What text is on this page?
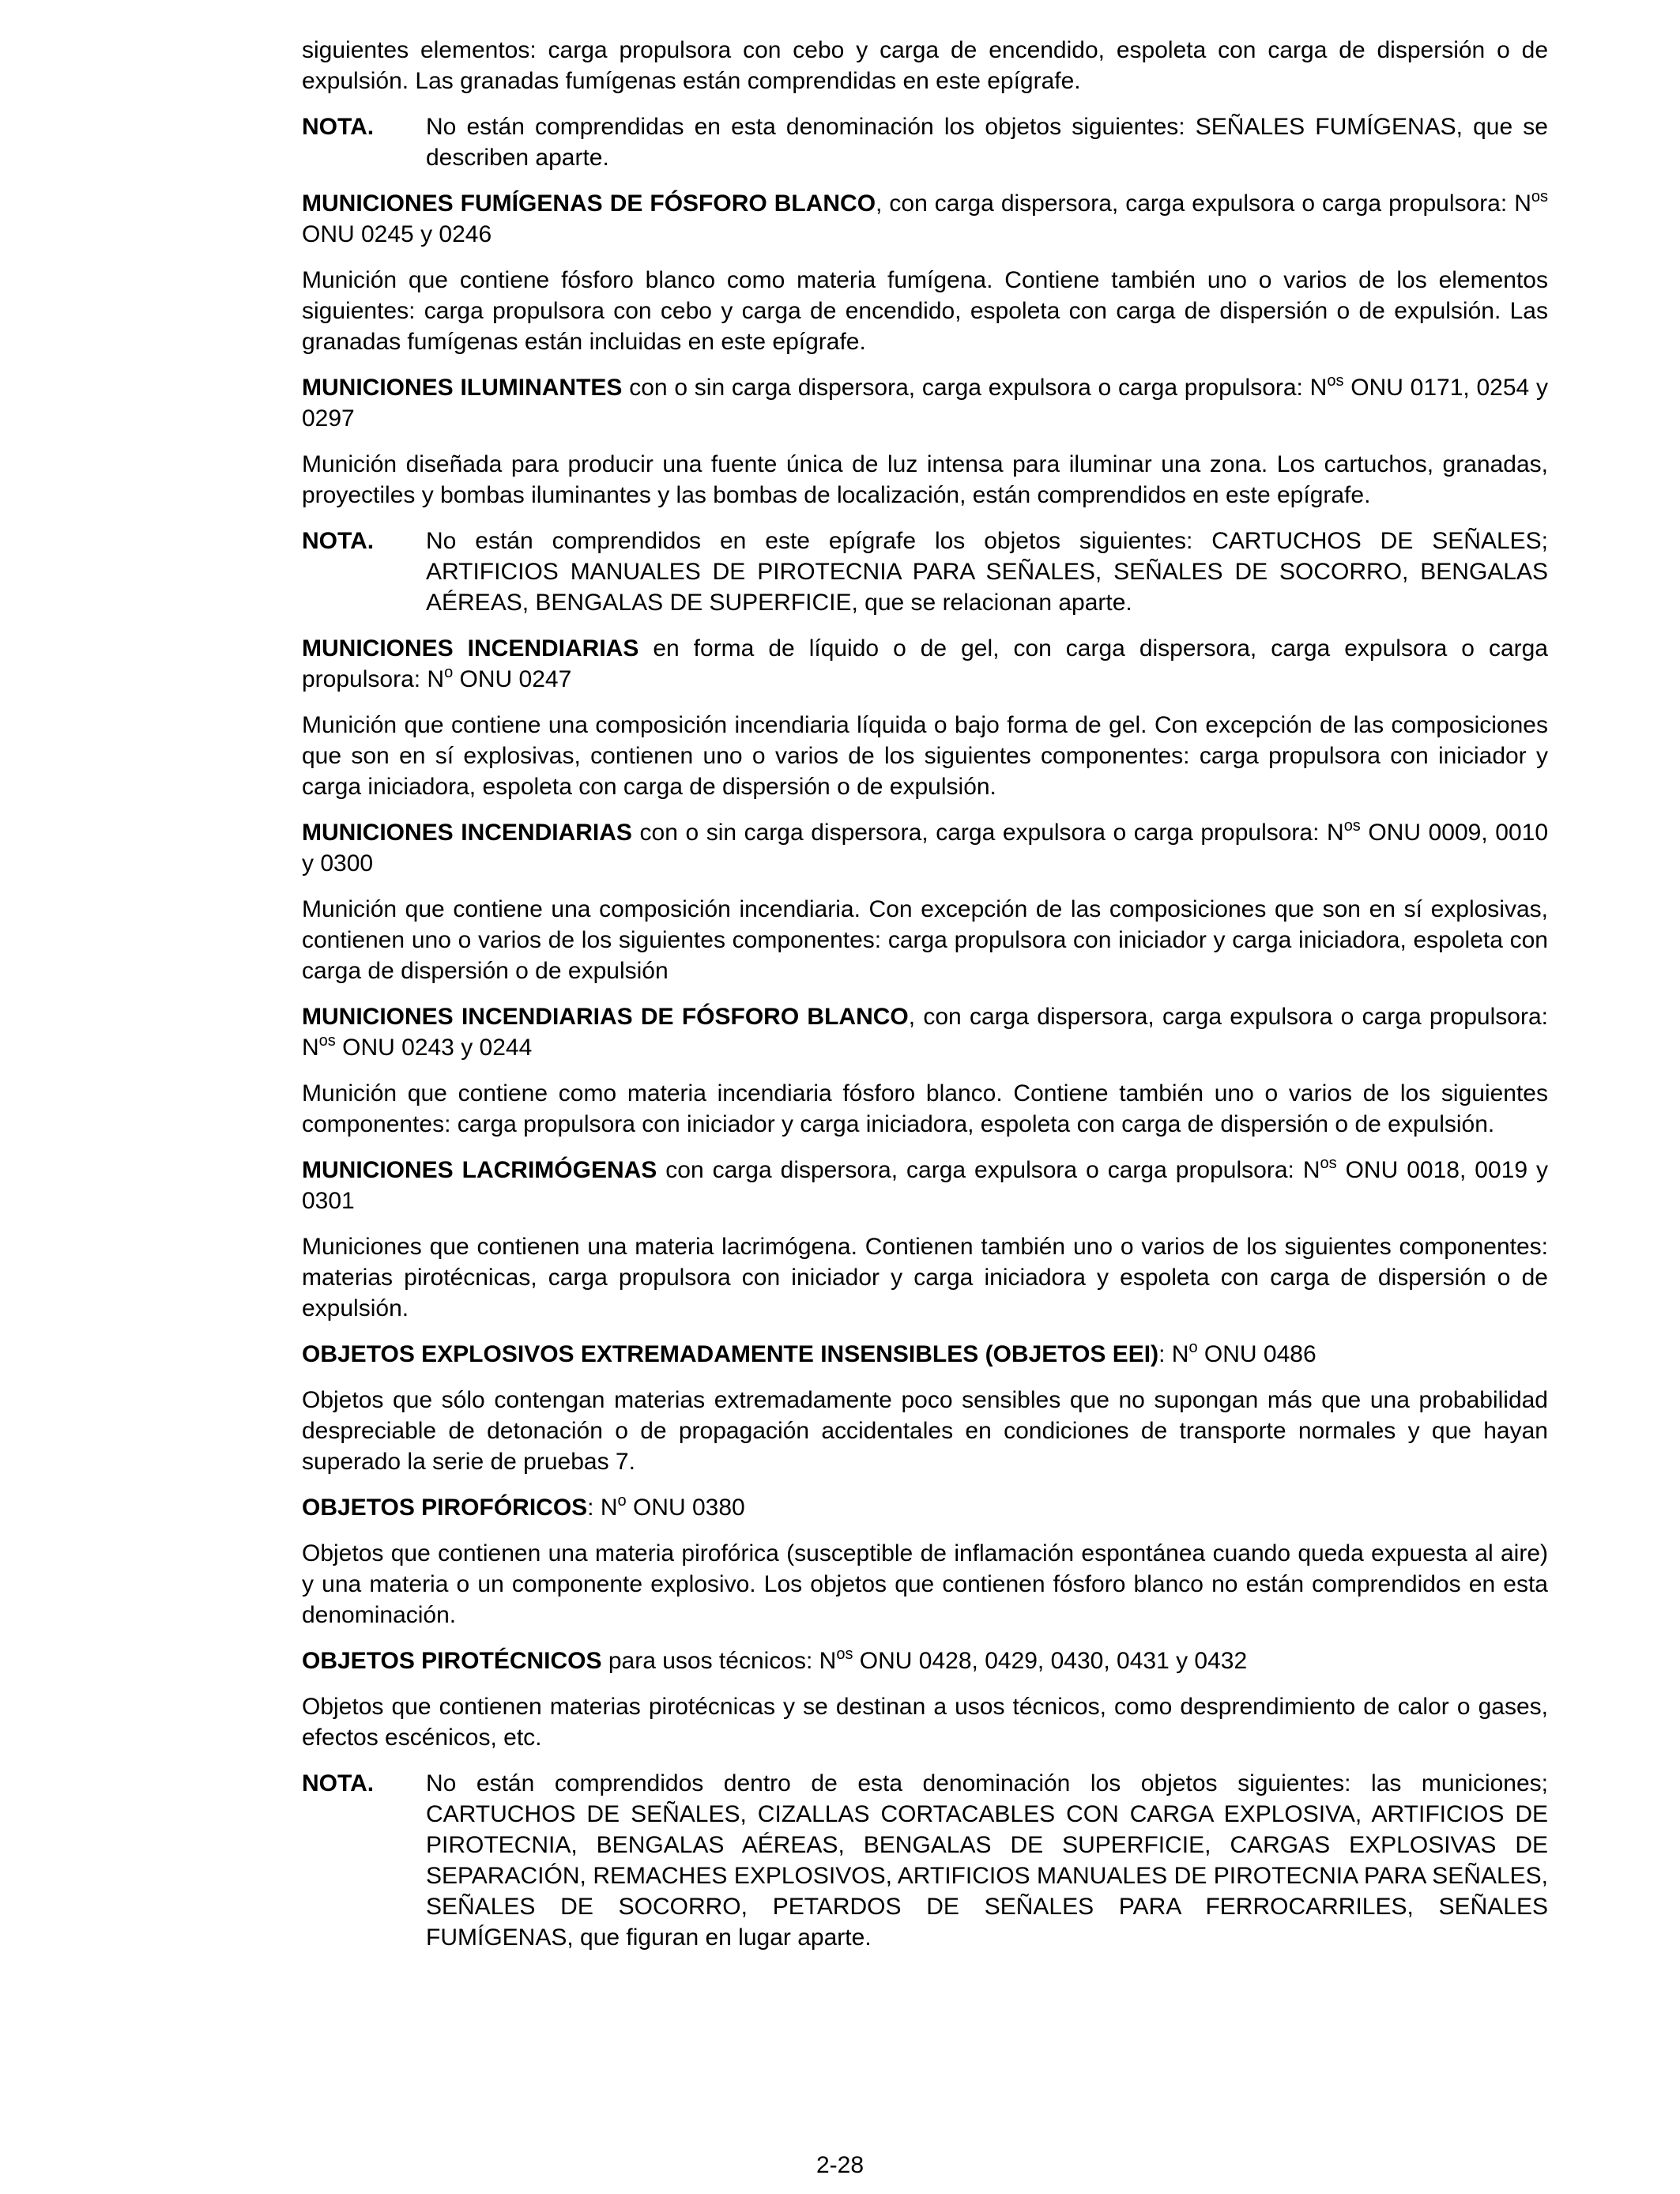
siguientes elementos: carga propulsora con cebo y carga de encendido, espoleta con carga de dispersión o de expulsión. Las granadas fumígenas están comprendidas en este epígrafe.

NOTA.	No están comprendidas en esta denominación los objetos siguientes: SEÑALES FUMÍGENAS, que se describen aparte.

MUNICIONES FUMÍGENAS DE FÓSFORO BLANCO, con carga dispersora, carga expulsora o carga propulsora: $N^{os}$ ONU 0245 y 0246

Munición que contiene fósforo blanco como materia fumígena. Contiene también uno o varios de los elementos siguientes: carga propulsora con cebo y carga de encendido, espoleta con carga de dispersión o de expulsión. Las granadas fumígenas están incluidas en este epígrafe.

MUNICIONES ILUMINANTES con o sin carga dispersora, carga expulsora o carga propulsora: $N^{os}$ ONU 0171, 0254 y 0297

Munición diseñada para producir una fuente única de luz intensa para iluminar una zona. Los cartuchos, granadas, proyectiles y bombas iluminantes y las bombas de localización, están comprendidos en este epígrafe.

NOTA.	No están comprendidos en este epígrafe los objetos siguientes: CARTUCHOS DE SEÑALES; ARTIFICIOS MANUALES DE PIROTECNIA PARA SEÑALES, SEÑALES DE SOCORRO, BENGALAS AÉREAS, BENGALAS DE SUPERFICIE, que se relacionan aparte.

MUNICIONES INCENDIARIAS en forma de líquido o de gel, con carga dispersora, carga expulsora o carga propulsora: $N^o$ ONU 0247

Munición que contiene una composición incendiaria líquida o bajo forma de gel. Con excepción de las composiciones que son en sí explosivas, contienen uno o varios de los siguientes componentes: carga propulsora con iniciador y carga iniciadora, espoleta con carga de dispersión o de expulsión.

MUNICIONES INCENDIARIAS con o sin carga dispersora, carga expulsora o carga propulsora: $N^{os}$ ONU 0009, 0010 y 0300

Munición que contiene una composición incendiaria. Con excepción de las composiciones que son en sí explosivas, contienen uno o varios de los siguientes componentes: carga propulsora con iniciador y carga iniciadora, espoleta con carga de dispersión o de expulsión

MUNICIONES INCENDIARIAS DE FÓSFORO BLANCO, con carga dispersora, carga expulsora o carga propulsora: $N^{os}$ ONU 0243 y 0244

Munición que contiene como materia incendiaria fósforo blanco. Contiene también uno o varios de los siguientes componentes: carga propulsora con iniciador y carga iniciadora, espoleta con carga de dispersión o de expulsión.

MUNICIONES LACRIMÓGENAS con carga dispersora, carga expulsora o carga propulsora: $N^{os}$ ONU 0018, 0019 y 0301

Municiones que contienen una materia lacrimógena. Contienen también uno o varios de los siguientes componentes: materias pirotécnicas, carga propulsora con iniciador y carga iniciadora y espoleta con carga de dispersión o de expulsión.

OBJETOS EXPLOSIVOS EXTREMADAMENTE INSENSIBLES (OBJETOS EEI): $N^o$ ONU 0486

Objetos que sólo contengan materias extremadamente poco sensibles que no supongan más que una probabilidad despreciable de detonación o de propagación accidentales en condiciones de transporte normales y que hayan superado la serie de pruebas 7.

OBJETOS PIROFÓRICOS: $N^o$ ONU 0380

Objetos que contienen una materia pirofórica (susceptible de inflamación espontánea cuando queda expuesta al aire) y una materia o un componente explosivo. Los objetos que contienen fósforo blanco no están comprendidos en esta denominación.

OBJETOS PIROTÉCNICOS para usos técnicos: $N^{os}$ ONU 0428, 0429, 0430, 0431 y 0432

Objetos que contienen materias pirotécnicas y se destinan a usos técnicos, como desprendimiento de calor o gases, efectos escénicos, etc.

NOTA.	No están comprendidos dentro de esta denominación los objetos siguientes: las municiones; CARTUCHOS DE SEÑALES, CIZALLAS CORTACABLES CON CARGA EXPLOSIVA, ARTIFICIOS DE PIROTECNIA, BENGALAS AÉREAS, BENGALAS DE SUPERFICIE, CARGAS EXPLOSIVAS DE SEPARACIÓN, REMACHES EXPLOSIVOS, ARTIFICIOS MANUALES DE PIROTECNIA PARA SEÑALES, SEÑALES DE SOCORRO, PETARDOS DE SEÑALES PARA FERROCARRILES, SEÑALES FUMÍGENAS, que figuran en lugar aparte.
2-28
